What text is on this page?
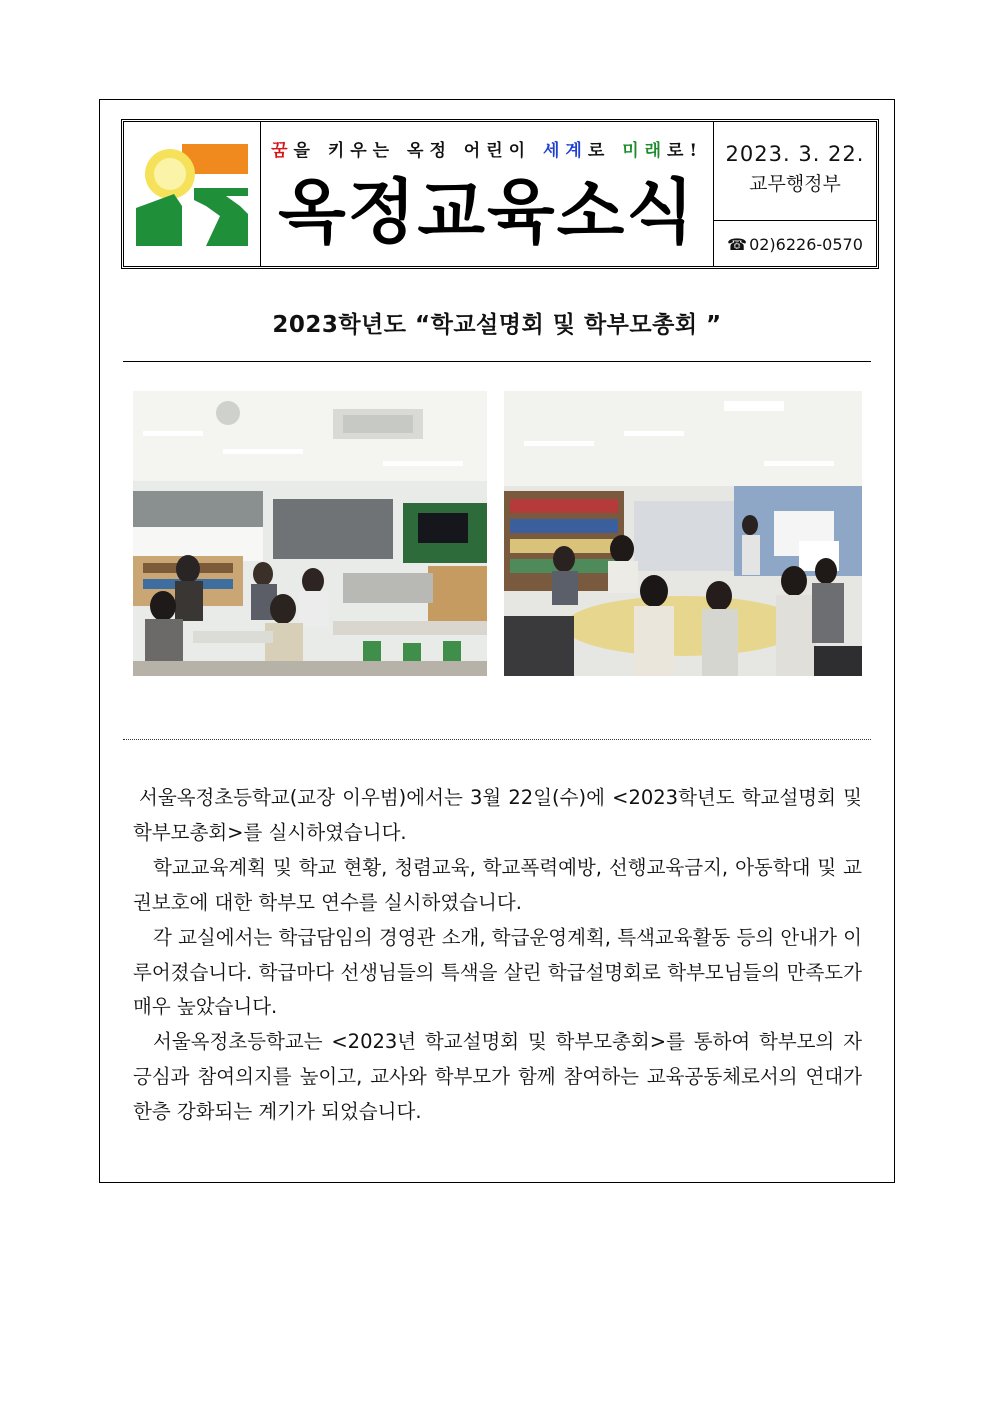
꿈을 키우는 옥정 어린이 세계로 미래로!
옥정교육소식
2023. 3. 22.
교무행정부
☎ 02)6226-0570
2023학년도 “학교설명회 및 학부모총회 ”

서울옥정초등학교(교장 이우범)에서는 3월 22일(수)에 <2023학년도 학교설명회 및 학부모총회>를 실시하였습니다.

학교교육계획 및 학교 현황, 청렴교육, 학교폭력예방, 선행교육금지, 아동학대 및 교권보호에 대한 학부모 연수를 실시하였습니다.

각 교실에서는 학급담임의 경영관 소개, 학급운영계획, 특색교육활동 등의 안내가 이루어졌습니다. 학급마다 선생님들의 특색을 살린 학급설명회로 학부모님들의 만족도가 매우 높았습니다.

서울옥정초등학교는 <2023년 학교설명회 및 학부모총회>를 통하여 학부모의 자긍심과 참여의지를 높이고, 교사와 학부모가 함께 참여하는 교육공동체로서의 연대가 한층 강화되는 계기가 되었습니다.
